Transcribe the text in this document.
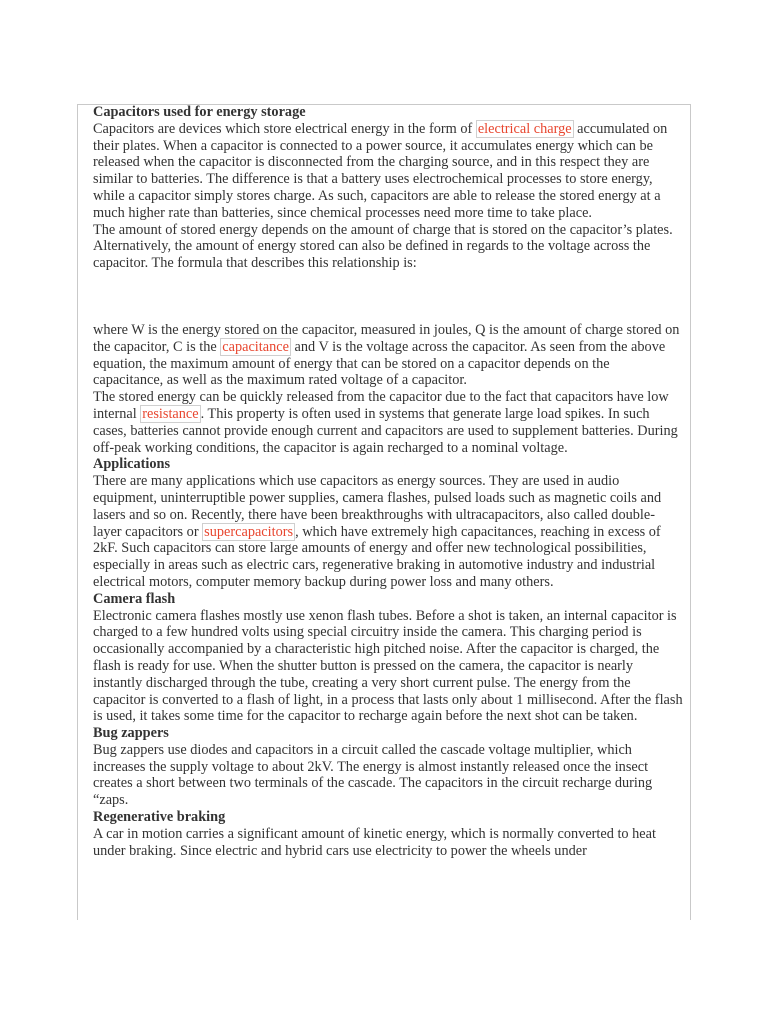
Capacitors used for energy storage

Capacitors are devices which store electrical energy in the form of electrical charge accumulated on their plates. When a capacitor is connected to a power source, it accumulates energy which can be released when the capacitor is disconnected from the charging source, and in this respect they are similar to batteries. The difference is that a battery uses electrochemical processes to store energy, while a capacitor simply stores charge. As such, capacitors are able to release the stored energy at a much higher rate than batteries, since chemical processes need more time to take place.

The amount of stored energy depends on the amount of charge that is stored on the capacitor’s plates. Alternatively, the amount of energy stored can also be defined in regards to the voltage across the capacitor. The formula that describes this relationship is:

where W is the energy stored on the capacitor, measured in joules, Q is the amount of charge stored on the capacitor, C is the capacitance and V is the voltage across the capacitor. As seen from the above equation, the maximum amount of energy that can be stored on a capacitor depends on the capacitance, as well as the maximum rated voltage of a capacitor.

The stored energy can be quickly released from the capacitor due to the fact that capacitors have low internal resistance . This property is often used in systems that generate large load spikes. In such cases, batteries cannot provide enough current and capacitors are used to supplement batteries. During off-peak working conditions, the capacitor is again recharged to a nominal voltage.

Applications

There are many applications which use capacitors as energy sources. They are used in audio equipment, uninterruptible power supplies, camera flashes, pulsed loads such as magnetic coils and lasers and so on. Recently, there have been breakthroughs with ultracapacitors, also called double-layer capacitors or supercapacitors , which have extremely high capacitances, reaching in excess of 2kF. Such capacitors can store large amounts of energy and offer new technological possibilities, especially in areas such as electric cars, regenerative braking in automotive industry and industrial electrical motors, computer memory backup during power loss and many others.

Camera flash

Electronic camera flashes mostly use xenon flash tubes. Before a shot is taken, an internal capacitor is charged to a few hundred volts using special circuitry inside the camera. This charging period is occasionally accompanied by a characteristic high pitched noise. After the capacitor is charged, the flash is ready for use. When the shutter button is pressed on the camera, the capacitor is nearly instantly discharged through the tube, creating a very short current pulse. The energy from the capacitor is converted to a flash of light, in a process that lasts only about 1 millisecond. After the flash is used, it takes some time for the capacitor to recharge again before the next shot can be taken.

Bug zappers

Bug zappers use diodes and capacitors in a circuit called the cascade voltage multiplier, which increases the supply voltage to about 2kV. The energy is almost instantly released once the insect creates a short between two terminals of the cascade. The capacitors in the circuit recharge during “zaps.

Regenerative braking

A car in motion carries a significant amount of kinetic energy, which is normally converted to heat under braking. Since electric and hybrid cars use electricity to power the wheels under
